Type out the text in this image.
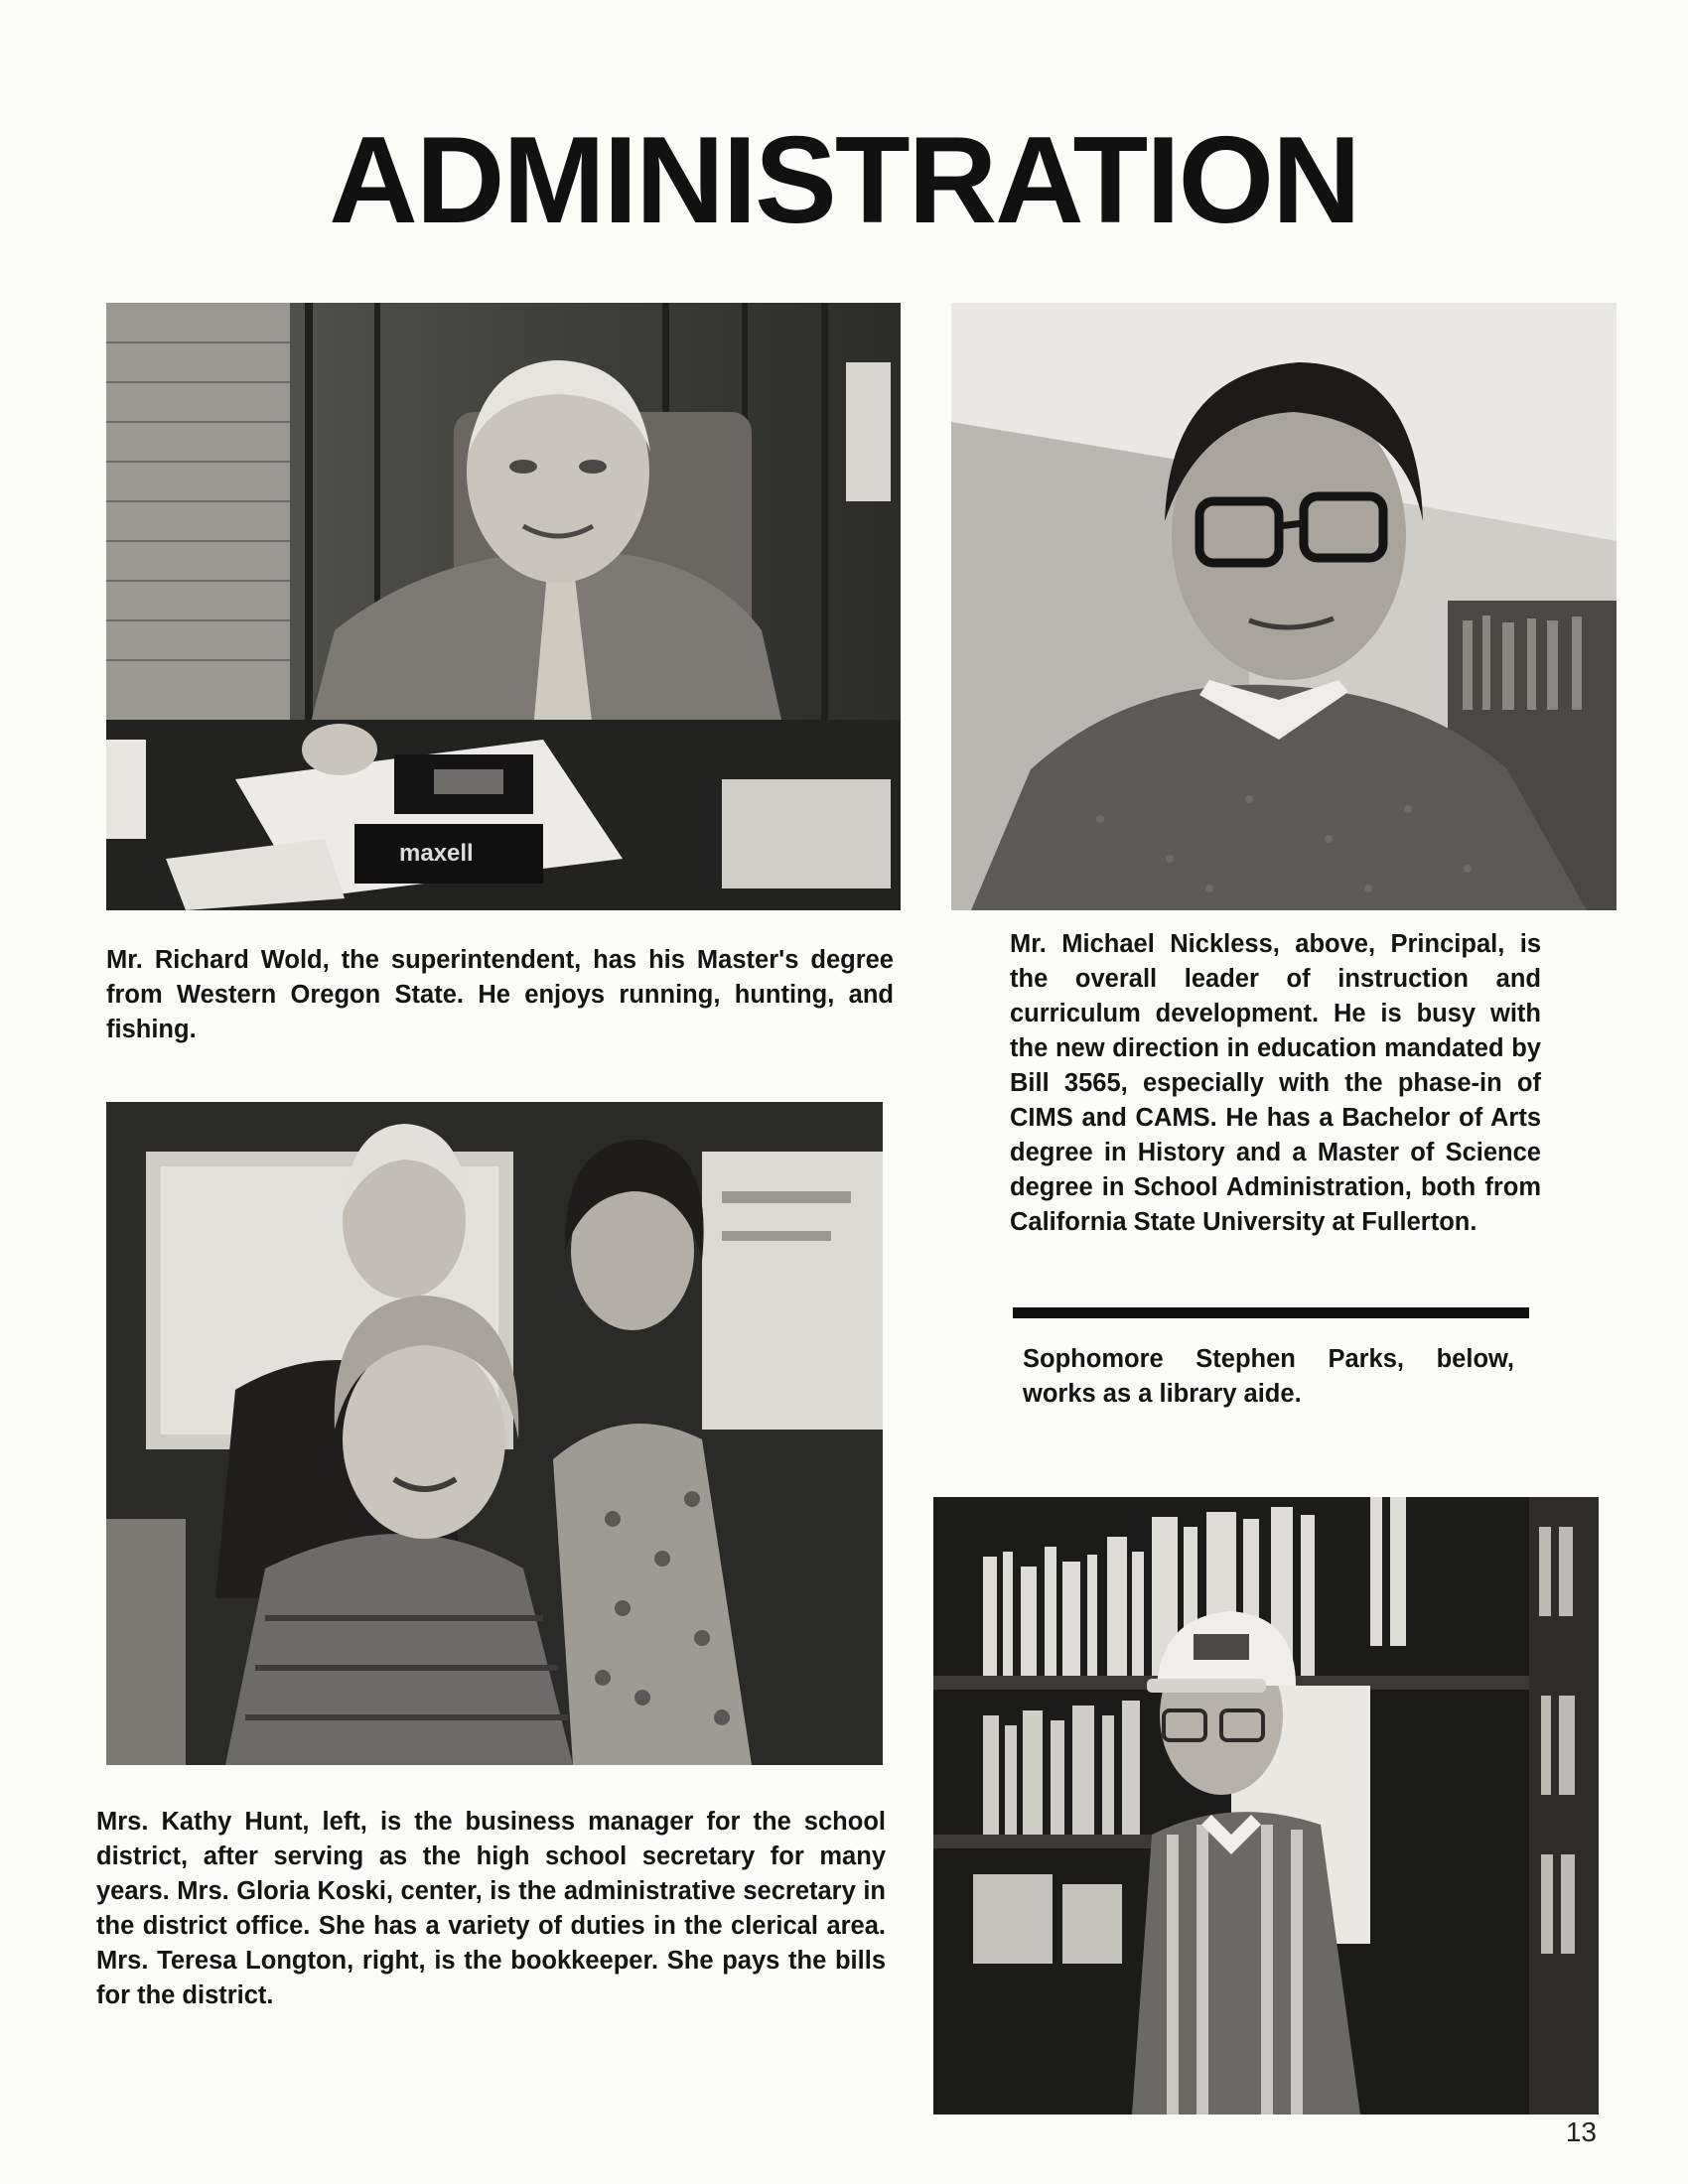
ADMINISTRATION
maxell
Mr. Richard Wold, the superintendent, has his Master's degree from Western Oregon State. He enjoys running, hunting, and fishing.
Mr. Michael Nickless, above, Principal, is the overall leader of instruction and curriculum development. He is busy with the new direction in education mandated by Bill 3565, especially with the phase-in of CIMS and CAMS. He has a Bachelor of Arts degree in History and a Master of Science degree in School Administration, both from California State University at Fullerton.
Sophomore Stephen Parks, below, works as a library aide.
Mrs. Kathy Hunt, left, is the business manager for the school district, after serving as the high school secretary for many years. Mrs. Gloria Koski, center, is the administrative secretary in the district office. She has a variety of duties in the clerical area. Mrs. Teresa Longton, right, is the bookkeeper. She pays the bills for the district.
13
